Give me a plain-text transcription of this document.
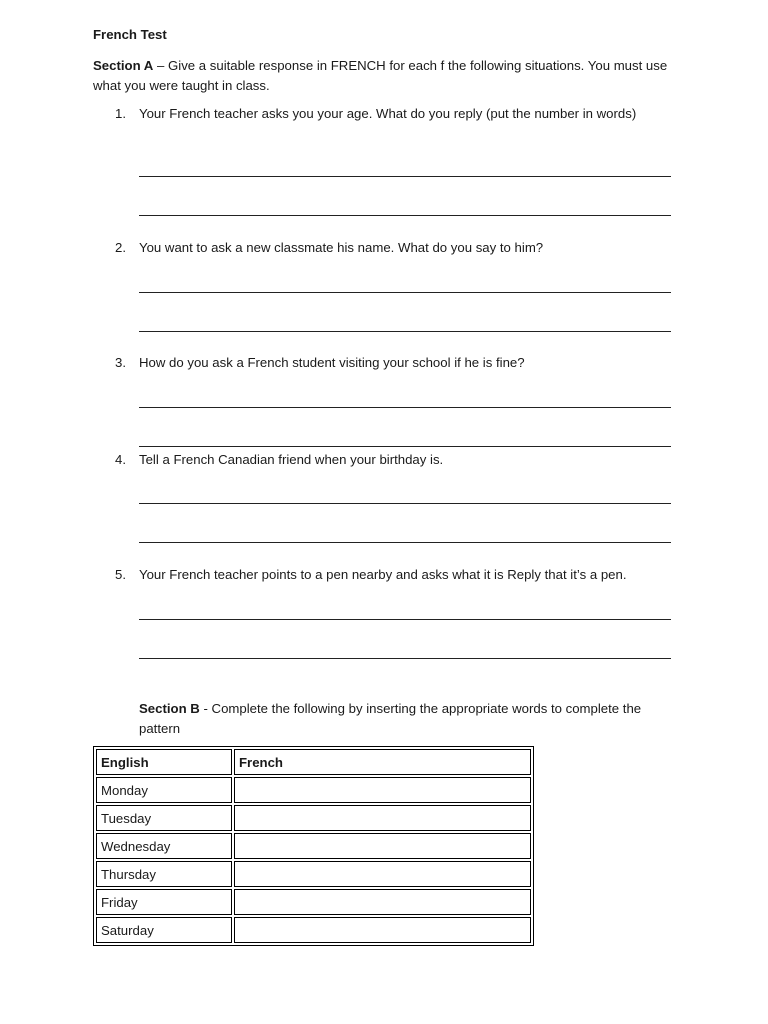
French Test
Section A – Give a suitable response in FRENCH for each f the following situations. You must use what you were taught in class.
1. Your French teacher asks you your age. What do you reply (put the number in words)
2. You want to ask a new classmate his name. What do you say to him?
3. How do you ask a French student visiting your school if he is fine?
4. Tell a French Canadian friend when your birthday is.
5. Your French teacher points to a pen nearby and asks what it is Reply that it’s a pen.
Section B - Complete the following by inserting the appropriate words to complete the pattern
English	French
Monday	
Tuesday	
Wednesday	
Thursday	
Friday	
Saturday	
